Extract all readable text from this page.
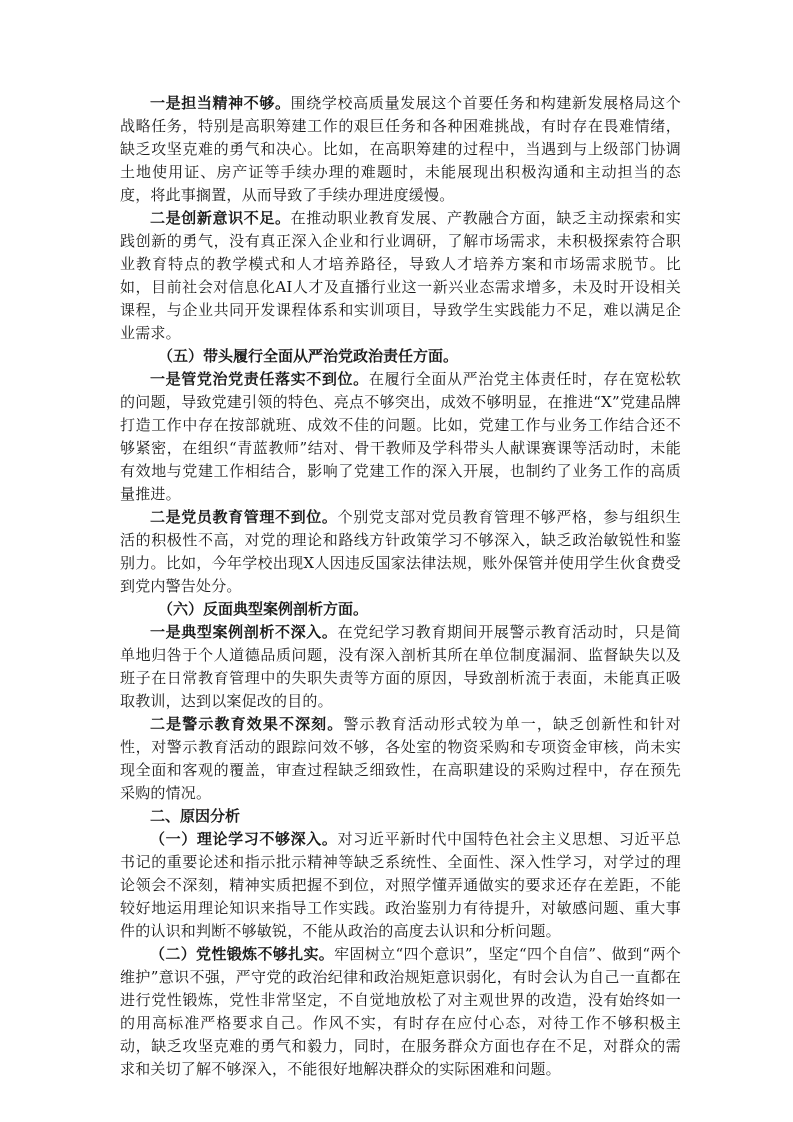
一是担当精神不够。围绕学校高质量发展这个首要任务和构建新发展格局这个战略任务，特别是高职筹建工作的艰巨任务和各种困难挑战，有时存在畏难情绪，缺乏攻坚克难的勇气和决心。比如，在高职筹建的过程中，当遇到与上级部门协调土地使用证、房产证等手续办理的难题时，未能展现出积极沟通和主动担当的态度，将此事搁置，从而导致了手续办理进度缓慢。

二是创新意识不足。在推动职业教育发展、产教融合方面，缺乏主动探索和实践创新的勇气，没有真正深入企业和行业调研，了解市场需求，未积极探索符合职业教育特点的教学模式和人才培养路径，导致人才培养方案和市场需求脱节。比如，目前社会对信息化AI人才及直播行业这一新兴业态需求增多，未及时开设相关课程，与企业共同开发课程体系和实训项目，导致学生实践能力不足，难以满足企业需求。

（五）带头履行全面从严治党政治责任方面。

一是管党治党责任落实不到位。在履行全面从严治党主体责任时，存在宽松软的问题，导致党建引领的特色、亮点不够突出，成效不够明显，在推进“X”党建品牌打造工作中存在按部就班、成效不佳的问题。比如，党建工作与业务工作结合还不够紧密，在组织“青蓝教师”结对、骨干教师及学科带头人献课赛课等活动时，未能有效地与党建工作相结合，影响了党建工作的深入开展，也制约了业务工作的高质量推进。

二是党员教育管理不到位。个别党支部对党员教育管理不够严格，参与组织生活的积极性不高，对党的理论和路线方针政策学习不够深入，缺乏政治敏锐性和鉴别力。比如，今年学校出现X人因违反国家法律法规，账外保管并使用学生伙食费受到党内警告处分。

（六）反面典型案例剖析方面。

一是典型案例剖析不深入。在党纪学习教育期间开展警示教育活动时，只是简单地归咎于个人道德品质问题，没有深入剖析其所在单位制度漏洞、监督缺失以及班子在日常教育管理中的失职失责等方面的原因，导致剖析流于表面，未能真正吸取教训，达到以案促改的目的。

二是警示教育效果不深刻。警示教育活动形式较为单一，缺乏创新性和针对性，对警示教育活动的跟踪问效不够，各处室的物资采购和专项资金审核，尚未实现全面和客观的覆盖，审查过程缺乏细致性，在高职建设的采购过程中，存在预先采购的情况。

二、原因分析

（一）理论学习不够深入。对习近平新时代中国特色社会主义思想、习近平总书记的重要论述和指示批示精神等缺乏系统性、全面性、深入性学习，对学过的理论领会不深刻，精神实质把握不到位，对照学懂弄通做实的要求还存在差距，不能较好地运用理论知识来指导工作实践。政治鉴别力有待提升，对敏感问题、重大事件的认识和判断不够敏锐，不能从政治的高度去认识和分析问题。

（二）党性锻炼不够扎实。牢固树立“四个意识”，坚定“四个自信”、做到“两个维护”意识不强，严守党的政治纪律和政治规矩意识弱化，有时会认为自己一直都在进行党性锻炼，党性非常坚定，不自觉地放松了对主观世界的改造，没有始终如一的用高标准严格要求自己。作风不实，有时存在应付心态，对待工作不够积极主动，缺乏攻坚克难的勇气和毅力，同时，在服务群众方面也存在不足，对群众的需求和关切了解不够深入，不能很好地解决群众的实际困难和问题。
